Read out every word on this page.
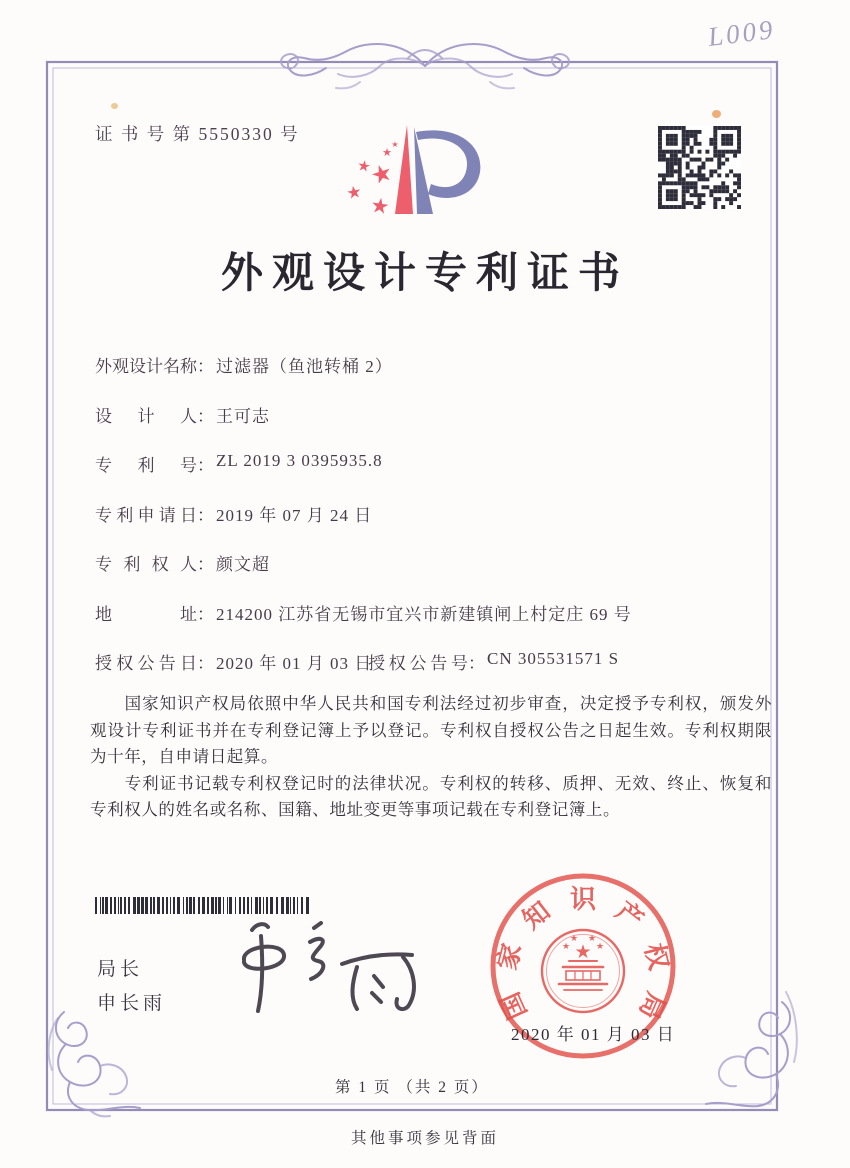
证 书 号 第 5550330 号
L009
★
★
★
★
★ ★
外观设计专利证书
外观设计名称： 过滤器（鱼池转桶 2）
设计人： 王可志
专利号： ZL 2019 3 0395935.8
专利申请日： 2019 年 07 月 24 日
专利权人： 颜文超
地址： 214200 江苏省无锡市宜兴市新建镇闸上村定庄 69 号
授权公告日： 2020 年 01 月 03 日
授权公告号： CN 305531571 S

国家知识产权局依照中华人民共和国专利法经过初步审查，决定授予专利权，颁发外观设计专利证书并在专利登记簿上予以登记。专利权自授权公告之日起生效。专利权期限为十年，自申请日起算。

专利证书记载专利权登记时的法律状况。专利权的转移、质押、无效、终止、恢复和专利权人的姓名或名称、国籍、地址变更等事项记载在专利登记簿上。

局长
申长雨	国
家
知 识 产
权
局
★
★
★ ★
★
2020 年 01 月 03 日
第 1 页 （共 2 页）
其他事项参见背面
